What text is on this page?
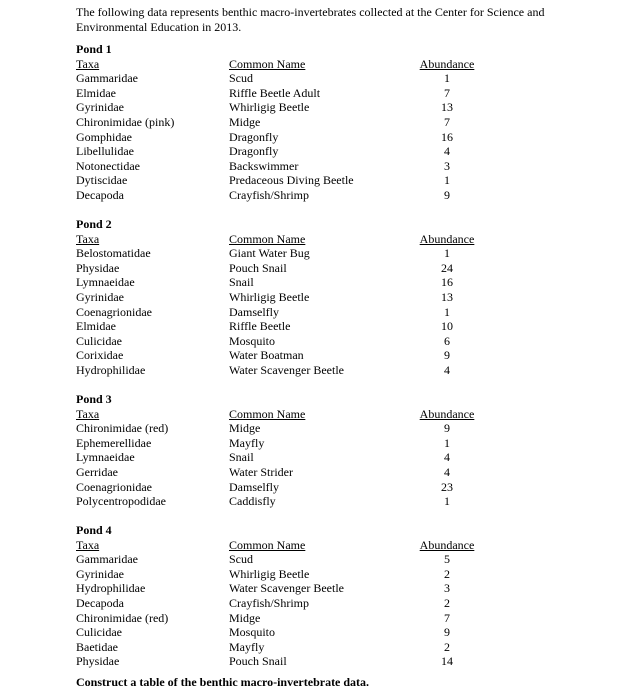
The following data represents benthic macro-invertebrates collected at the Center for Science and Environmental Education in 2013.
Pond 1
Taxa	Common Name	Abundance
Gammaridae	Scud	1
Elmidae	Riffle Beetle Adult	7
Gyrinidae	Whirligig Beetle	13
Chironimidae (pink)	Midge	7
Gomphidae	Dragonfly	16
Libellulidae	Dragonfly	4
Notonectidae	Backswimmer	3
Dytiscidae	Predaceous Diving Beetle	1
Decapoda	Crayfish/Shrimp	9
Pond 2
Taxa	Common Name	Abundance
Belostomatidae	Giant Water Bug	1
Physidae	Pouch Snail	24
Lymnaeidae	Snail	16
Gyrinidae	Whirligig Beetle	13
Coenagrionidae	Damselfly	1
Elmidae	Riffle Beetle	10
Culicidae	Mosquito	6
Corixidae	Water Boatman	9
Hydrophilidae	Water Scavenger Beetle	4
Pond 3
Taxa	Common Name	Abundance
Chironimidae (red)	Midge	9
Ephemerellidae	Mayfly	1
Lymnaeidae	Snail	4
Gerridae	Water Strider	4
Coenagrionidae	Damselfly	23
Polycentropodidae	Caddisfly	1
Pond 4
Taxa	Common Name	Abundance
Gammaridae	Scud	5
Gyrinidae	Whirligig Beetle	2
Hydrophilidae	Water Scavenger Beetle	3
Decapoda	Crayfish/Shrimp	2
Chironimidae (red)	Midge	7
Culicidae	Mosquito	9
Baetidae	Mayfly	2
Physidae	Pouch Snail	14
Construct a table of the benthic macro-invertebrate data.
